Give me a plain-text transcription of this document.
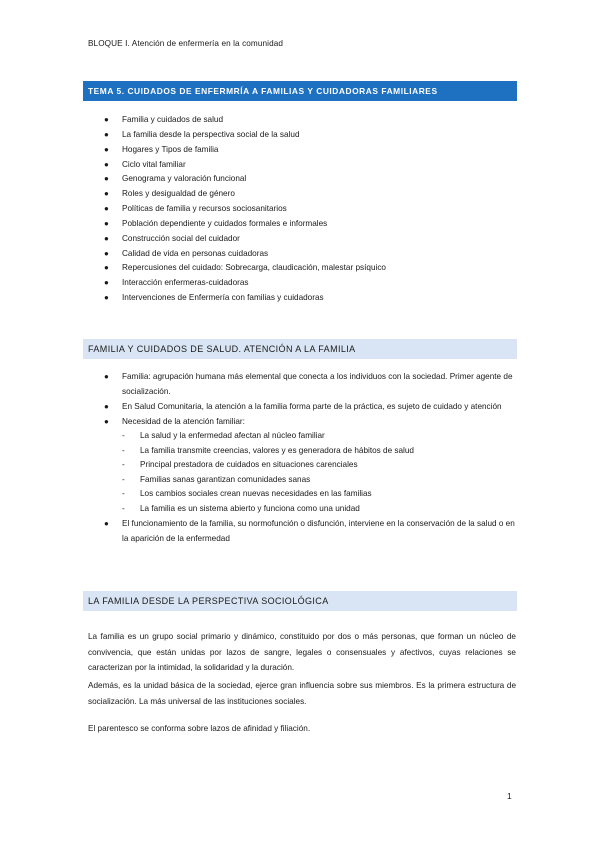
BLOQUE I. Atención de enfermería en la comunidad
TEMA 5. CUIDADOS DE ENFERMRÍA A FAMILIAS Y CUIDADORAS FAMILIARES
● Familia y cuidados de salud
● La familia desde la perspectiva social de la salud
● Hogares y Tipos de familia
● Ciclo vital familiar
● Genograma y valoración funcional
● Roles y desigualdad de género
● Políticas de familia y recursos sociosanitarios
● Población dependiente y cuidados formales e informales
● Construcción social del cuidador
● Calidad de vida en personas cuidadoras
● Repercusiones del cuidado: Sobrecarga, claudicación, malestar psíquico
● Interacción enfermeras-cuidadoras
● Intervenciones de Enfermería con familias y cuidadoras
FAMILIA Y CUIDADOS DE SALUD. ATENCIÓN A LA FAMILIA
● Familia: agrupación humana más elemental que conecta a los individuos con la sociedad. Primer agente de socialización.
● En Salud Comunitaria, la atención a la familia forma parte de la práctica, es sujeto de cuidado y atención
● Necesidad de la atención familiar:
- La salud y la enfermedad afectan al núcleo familiar
- La familia transmite creencias, valores y es generadora de hábitos de salud
- Principal prestadora de cuidados en situaciones carenciales
- Familias sanas garantizan comunidades sanas
- Los cambios sociales crean nuevas necesidades en las familias
- La familia es un sistema abierto y funciona como una unidad
● El funcionamiento de la familia, su normofunción o disfunción, interviene en la conservación de la salud o en la aparición de la enfermedad
LA FAMILIA DESDE LA PERSPECTIVA SOCIOLÓGICA

La familia es un grupo social primario y dinámico, constituido por dos o más personas, que forman un núcleo de convivencia, que están unidas por lazos de sangre, legales o consensuales y afectivos, cuyas relaciones se caracterizan por la intimidad, la solidaridad y la duración.

Además, es la unidad básica de la sociedad, ejerce gran influencia sobre sus miembros. Es la primera estructura de socialización. La más universal de las instituciones sociales.

El parentesco se conforma sobre lazos de afinidad y filiación.

1
